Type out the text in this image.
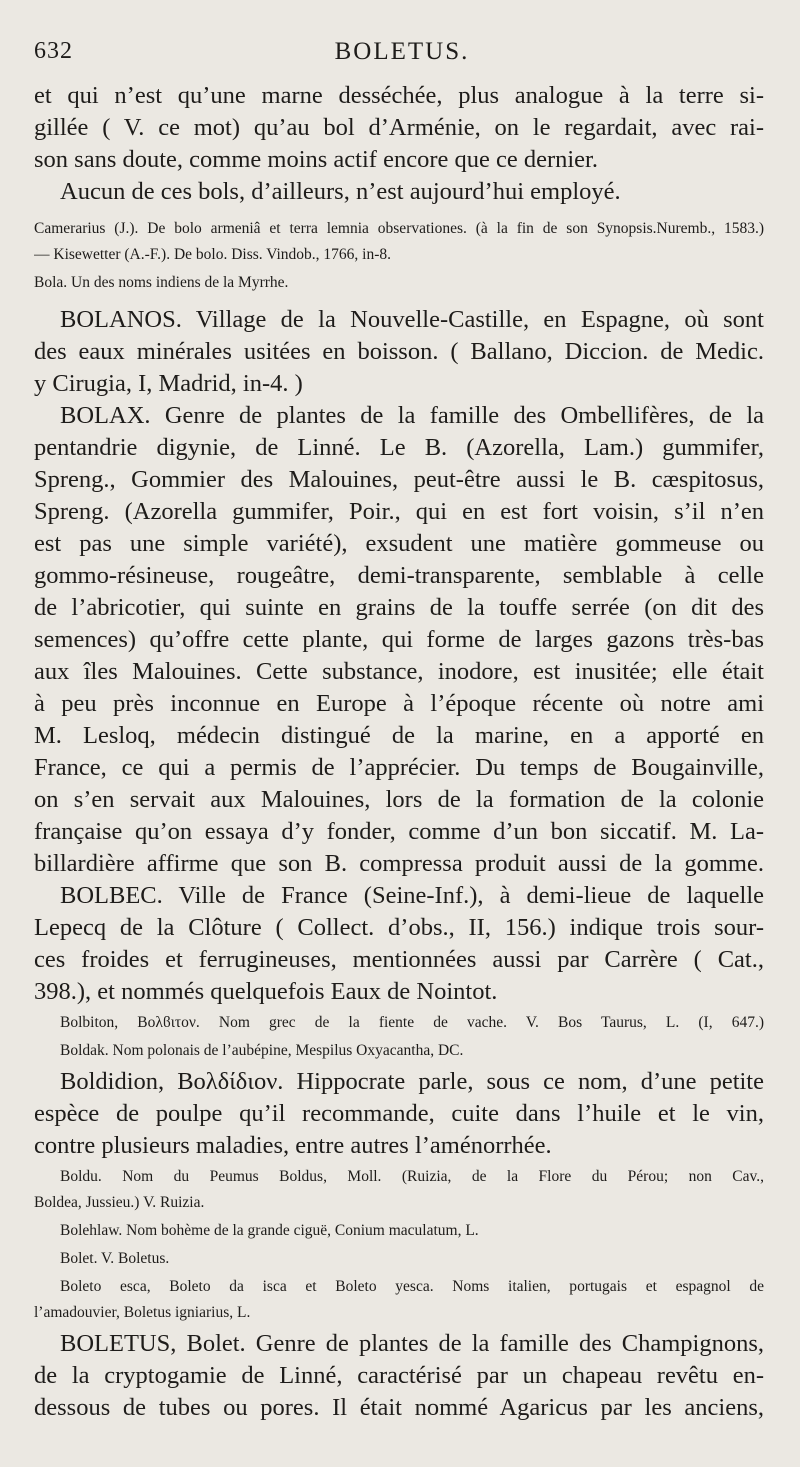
632	BOLETUS.
et qui n’est qu’une marne desséchée, plus analogue à la terre si-
gillée ( V. ce mot) qu’au bol d’Arménie, on le regardait, avec rai-
son sans doute, comme moins actif encore que ce dernier.
Aucun de ces bols, d’ailleurs, n’est aujourd’hui employé.
Camerarius (J.). De bolo armeniâ et terra lemnia observationes. (à la fin de son Synopsis.Nuremb., 1583.)
— Kisewetter (A.-F.). De bolo. Diss. Vindob., 1766, in-8.
Bola. Un des noms indiens de la Myrrhe.
BOLANOS. Village de la Nouvelle-Castille, en Espagne, où sont
des eaux minérales usitées en boisson. ( Ballano, Diccion. de Medic.
y Cirugia, I, Madrid, in-4. )
BOLAX. Genre de plantes de la famille des Ombellifères, de la
pentandrie digynie, de Linné. Le B. (Azorella, Lam.) gummifer,
Spreng., Gommier des Malouines, peut-être aussi le B. cæspitosus,
Spreng. (Azorella gummifer, Poir., qui en est fort voisin, s’il n’en
est pas une simple variété), exsudent une matière gommeuse ou
gommo-résineuse, rougeâtre, demi-transparente, semblable à celle
de l’abricotier, qui suinte en grains de la touffe serrée (on dit des
semences) qu’offre cette plante, qui forme de larges gazons très-bas
aux îles Malouines. Cette substance, inodore, est inusitée; elle était
à peu près inconnue en Europe à l’époque récente où notre ami
M. Lesloq, médecin distingué de la marine, en a apporté en
France, ce qui a permis de l’apprécier. Du temps de Bougainville,
on s’en servait aux Malouines, lors de la formation de la colonie
française qu’on essaya d’y fonder, comme d’un bon siccatif. M. La-
billardière affirme que son B. compressa produit aussi de la gomme.
BOLBEC. Ville de France (Seine-Inf.), à demi-lieue de laquelle
Lepecq de la Clôture ( Collect. d’obs., II, 156.) indique trois sour-
ces froides et ferrugineuses, mentionnées aussi par Carrère ( Cat.,
398.), et nommés quelquefois Eaux de Nointot.
Bolbiton, Βολϐιτον. Nom grec de la fiente de vache. V. Bos Taurus, L. (I, 647.)
Boldak. Nom polonais de l’aubépine, Mespilus Oxyacantha, DC.
Boldidion, Βολδίδιον. Hippocrate parle, sous ce nom, d’une petite
espèce de poulpe qu’il recommande, cuite dans l’huile et le vin,
contre plusieurs maladies, entre autres l’aménorrhée.
Boldu. Nom du Peumus Boldus, Moll. (Ruizia, de la Flore du Pérou; non Cav.,
Boldea, Jussieu.) V. Ruizia.
Bolehlaw. Nom bohème de la grande ciguë, Conium maculatum, L.
Bolet. V. Boletus.
Boleto esca, Boleto da isca et Boleto yesca. Noms italien, portugais et espagnol de
l’amadouvier, Boletus igniarius, L.
BOLETUS, Bolet. Genre de plantes de la famille des Champignons,
de la cryptogamie de Linné, caractérisé par un chapeau revêtu en-
dessous de tubes ou pores. Il était nommé Agaricus par les anciens,
